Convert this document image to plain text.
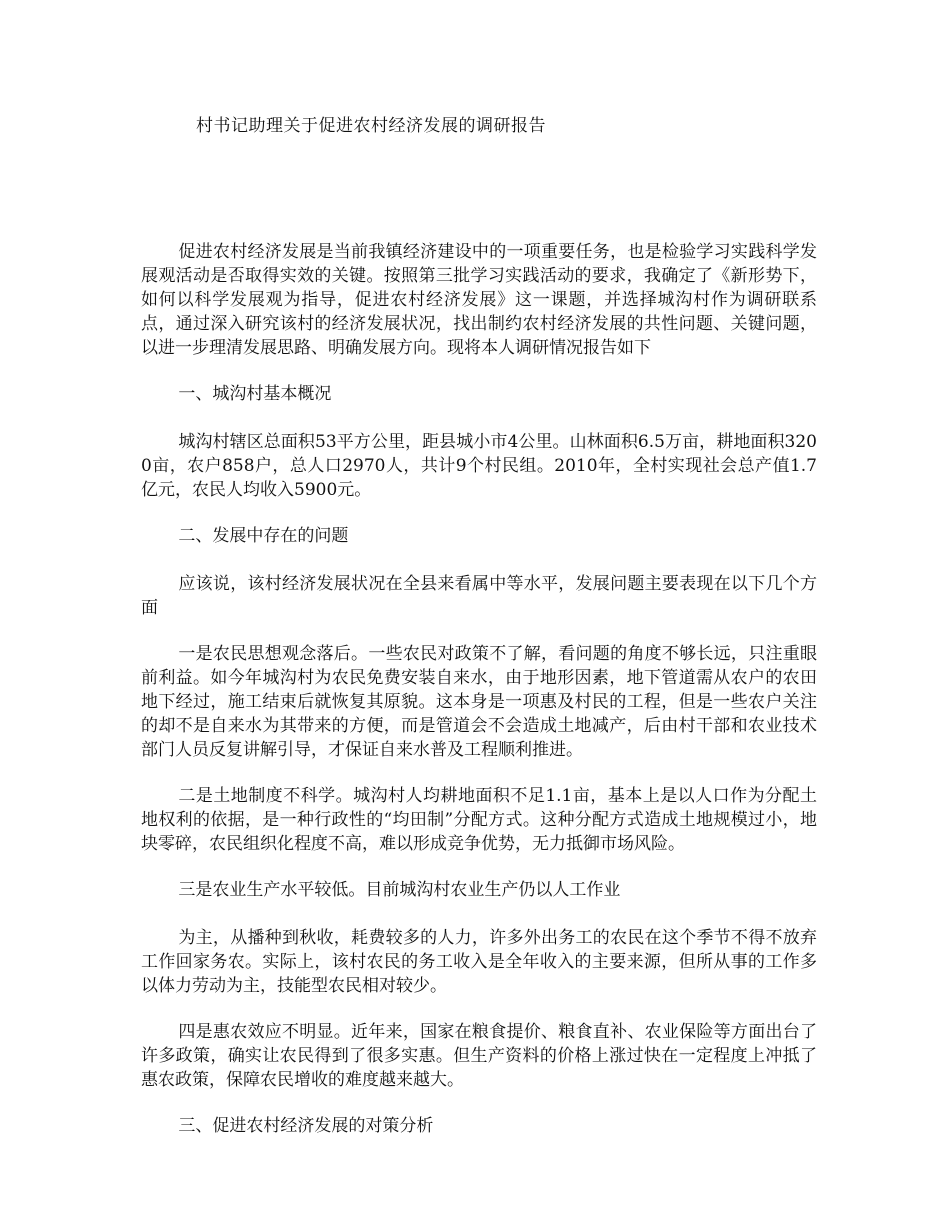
村书记助理关于促进农村经济发展的调研报告

促进农村经济发展是当前我镇经济建设中的一项重要任务，也是检验学习实践科学发展观活动是否取得实效的关键。按照第三批学习实践活动的要求，我确定了《新形势下，如何以科学发展观为指导，促进农村经济发展》这一课题，并选择城沟村作为调研联系点，通过深入研究该村的经济发展状况，找出制约农村经济发展的共性问题、关键问题，以进一步理清发展思路、明确发展方向。现将本人调研情况报告如下

一、城沟村基本概况

城沟村辖区总面积53平方公里，距县城小市4公里。山林面积6.5万亩，耕地面积3200亩，农户858户，总人口2970人，共计9个村民组。2010年，全村实现社会总产值1.7亿元，农民人均收入5900元。

二、发展中存在的问题

应该说，该村经济发展状况在全县来看属中等水平，发展问题主要表现在以下几个方面

一是农民思想观念落后。一些农民对政策不了解，看问题的角度不够长远，只注重眼前利益。如今年城沟村为农民免费安装自来水，由于地形因素，地下管道需从农户的农田地下经过，施工结束后就恢复其原貌。这本身是一项惠及村民的工程，但是一些农户关注的却不是自来水为其带来的方便，而是管道会不会造成土地减产，后由村干部和农业技术部门人员反复讲解引导，才保证自来水普及工程顺利推进。

二是土地制度不科学。城沟村人均耕地面积不足1.1亩，基本上是以人口作为分配土地权利的依据，是一种行政性的“均田制”分配方式。这种分配方式造成土地规模过小，地块零碎，农民组织化程度不高，难以形成竞争优势，无力抵御市场风险。

三是农业生产水平较低。目前城沟村农业生产仍以人工作业

为主，从播种到秋收，耗费较多的人力，许多外出务工的农民在这个季节不得不放弃工作回家务农。实际上，该村农民的务工收入是全年收入的主要来源，但所从事的工作多以体力劳动为主，技能型农民相对较少。

四是惠农效应不明显。近年来，国家在粮食提价、粮食直补、农业保险等方面出台了许多政策，确实让农民得到了很多实惠。但生产资料的价格上涨过快在一定程度上冲抵了惠农政策，保障农民增收的难度越来越大。

三、促进农村经济发展的对策分析
